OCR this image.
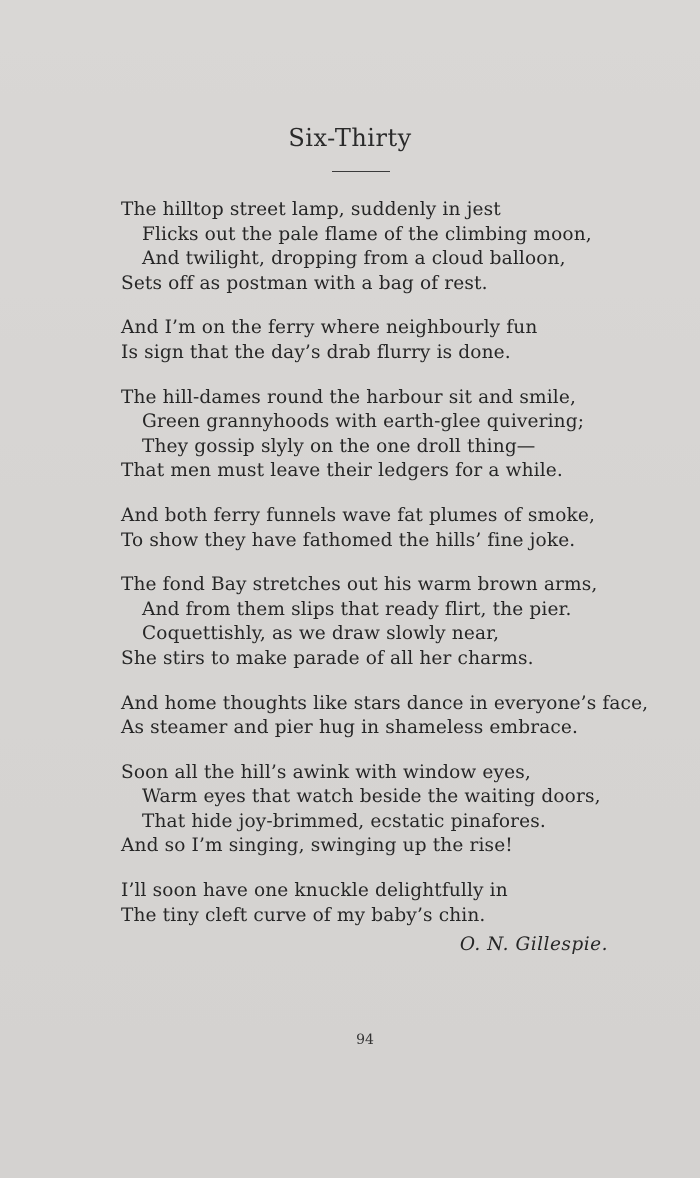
Six-Thirty
The hilltop street lamp, suddenly in jest
Flicks out the pale flame of the climbing moon,
And twilight, dropping from a cloud balloon,
Sets off as postman with a bag of rest.
And I’m on the ferry where neighbourly fun
Is sign that the day’s drab flurry is done.
The hill-dames round the harbour sit and smile,
Green grannyhoods with earth-glee quivering;
They gossip slyly on the one droll thing—
That men must leave their ledgers for a while.
And both ferry funnels wave fat plumes of smoke,
To show they have fathomed the hills’ fine joke.
The fond Bay stretches out his warm brown arms,
And from them slips that ready flirt, the pier.
Coquettishly, as we draw slowly near,
She stirs to make parade of all her charms.
And home thoughts like stars dance in everyone’s face,
As steamer and pier hug in shameless embrace.
Soon all the hill’s awink with window eyes,
Warm eyes that watch beside the waiting doors,
That hide joy-brimmed, ecstatic pinafores.
And so I’m singing, swinging up the rise!
I’ll soon have one knuckle delightfully in
The tiny cleft curve of my baby’s chin.
O. N. Gillespie.
94
